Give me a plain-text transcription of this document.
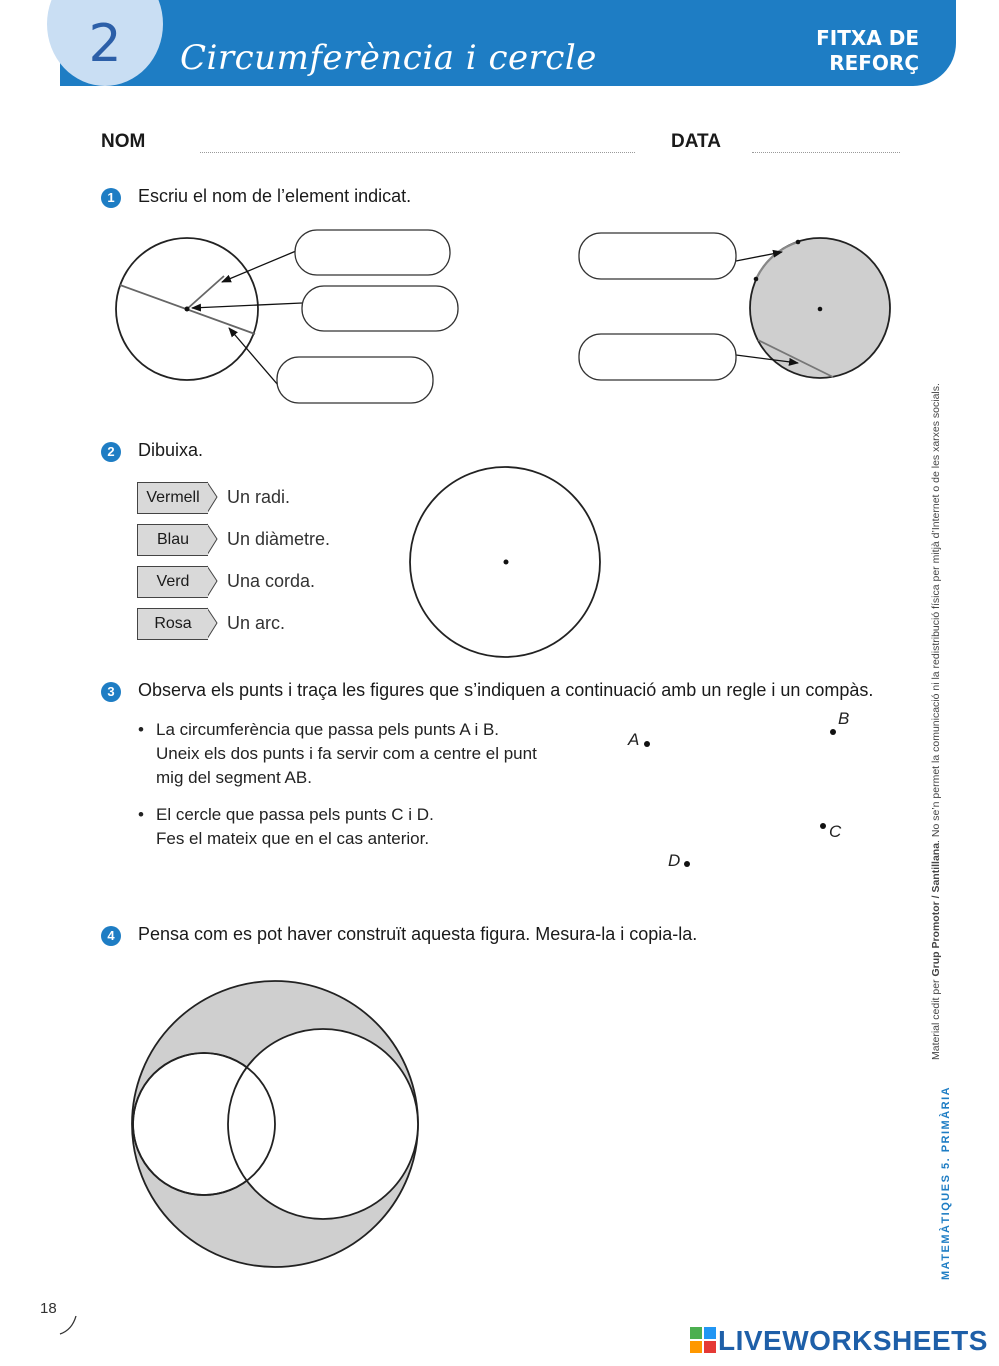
2	Circumferència i cercle	FITXA DE
REFORÇ
NOM	DATA
1	Escriu el nom de l’element indicat.
2	Dibuixa.
Vermell	Un radi.
Blau	Un diàmetre.
Verd	Una corda.
Rosa	Un arc.
3	Observa els punts i traça les figures que s’indiquen a continuació amb un regle i un compàs.
• La circumferència que passa pels punts A i B.
Uneix els dos punts i fa servir com a centre el punt
mig del segment AB.
• El cercle que passa pels punts C i D.
Fes el mateix que en el cas anterior.
A
B
C
D
4	Pensa com es pot haver construït aquesta figura. Mesura-la i copia-la.
Material cedit per Grup Promotor / Santillana. No se’n permet la comunicació ni la redistribució física per mitjà d’Internet o de les xarxes socials.
MATEMÀTIQUES 5. PRIMÀRIA
18
LIVEWORKSHEETS
